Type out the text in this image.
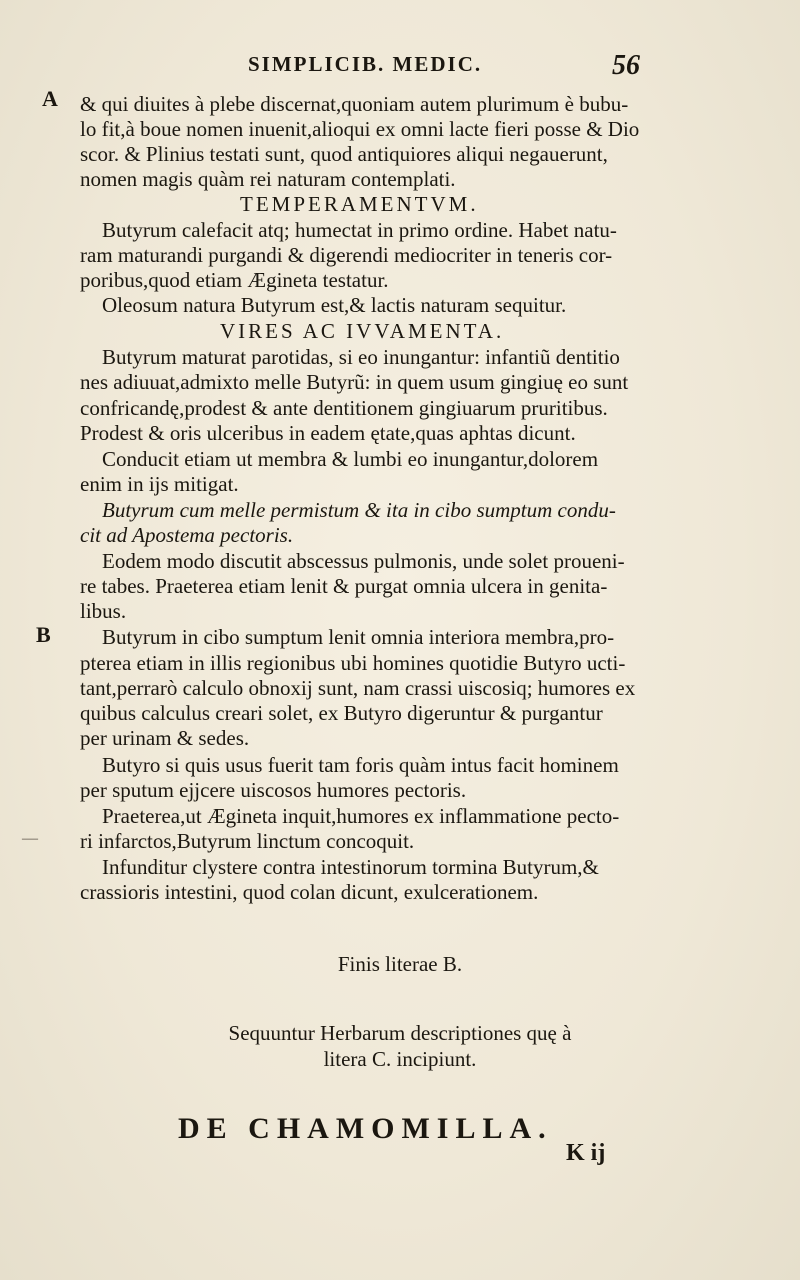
SIMPLICIB. MEDIC.	56
A
B
—
& qui diuites à plebe discernat,quoniam autem plurimum è bubu-
lo fit,à boue nomen inuenit,alioqui ex omni lacte fieri posse & Dio
scor. & Plinius testati sunt, quod antiquiores aliqui negauerunt,
nomen magis quàm rei naturam contemplati.
TEMPERAMENTVM.
Butyrum calefacit atq; humectat in primo ordine. Habet natu-
ram maturandi purgandi & digerendi mediocriter in teneris cor-
poribus,quod etiam Ægineta testatur.
Oleosum natura Butyrum est,& lactis naturam sequitur.
VIRES AC IVVAMENTA.
Butyrum maturat parotidas, si eo inungantur: infantiũ dentitio
nes adiuuat,admixto melle Butyrũ: in quem usum gingiuę eo sunt
confricandę,prodest & ante dentitionem gingiuarum pruritibus.
Prodest & oris ulceribus in eadem ętate,quas aphtas dicunt.
Conducit etiam ut membra & lumbi eo inungantur,dolorem
enim in ijs mitigat.
Butyrum cum melle permistum & ita in cibo sumptum condu-
cit ad Apostema pectoris.
Eodem modo discutit abscessus pulmonis, unde solet proueni-
re tabes. Praeterea etiam lenit & purgat omnia ulcera in genita-
libus.
Butyrum in cibo sumptum lenit omnia interiora membra,pro-
pterea etiam in illis regionibus ubi homines quotidie Butyro ucti-
tant,perrarò calculo obnoxij sunt, nam crassi uiscosiq; humores ex
quibus calculus creari solet, ex Butyro digeruntur & purgantur
per urinam & sedes.
Butyro si quis usus fuerit tam foris quàm intus facit hominem
per sputum ejjcere uiscosos humores pectoris.
Praeterea,ut Ægineta inquit,humores ex inflammatione pecto-
ri infarctos,Butyrum linctum concoquit.
Infunditur clystere contra intestinorum tormina Butyrum,&
crassioris intestini, quod colan dicunt, exulcerationem.
Finis literae B.
Sequuntur Herbarum descriptiones quę à
litera C. incipiunt.
DE CHAMOMILLA.
K ij
